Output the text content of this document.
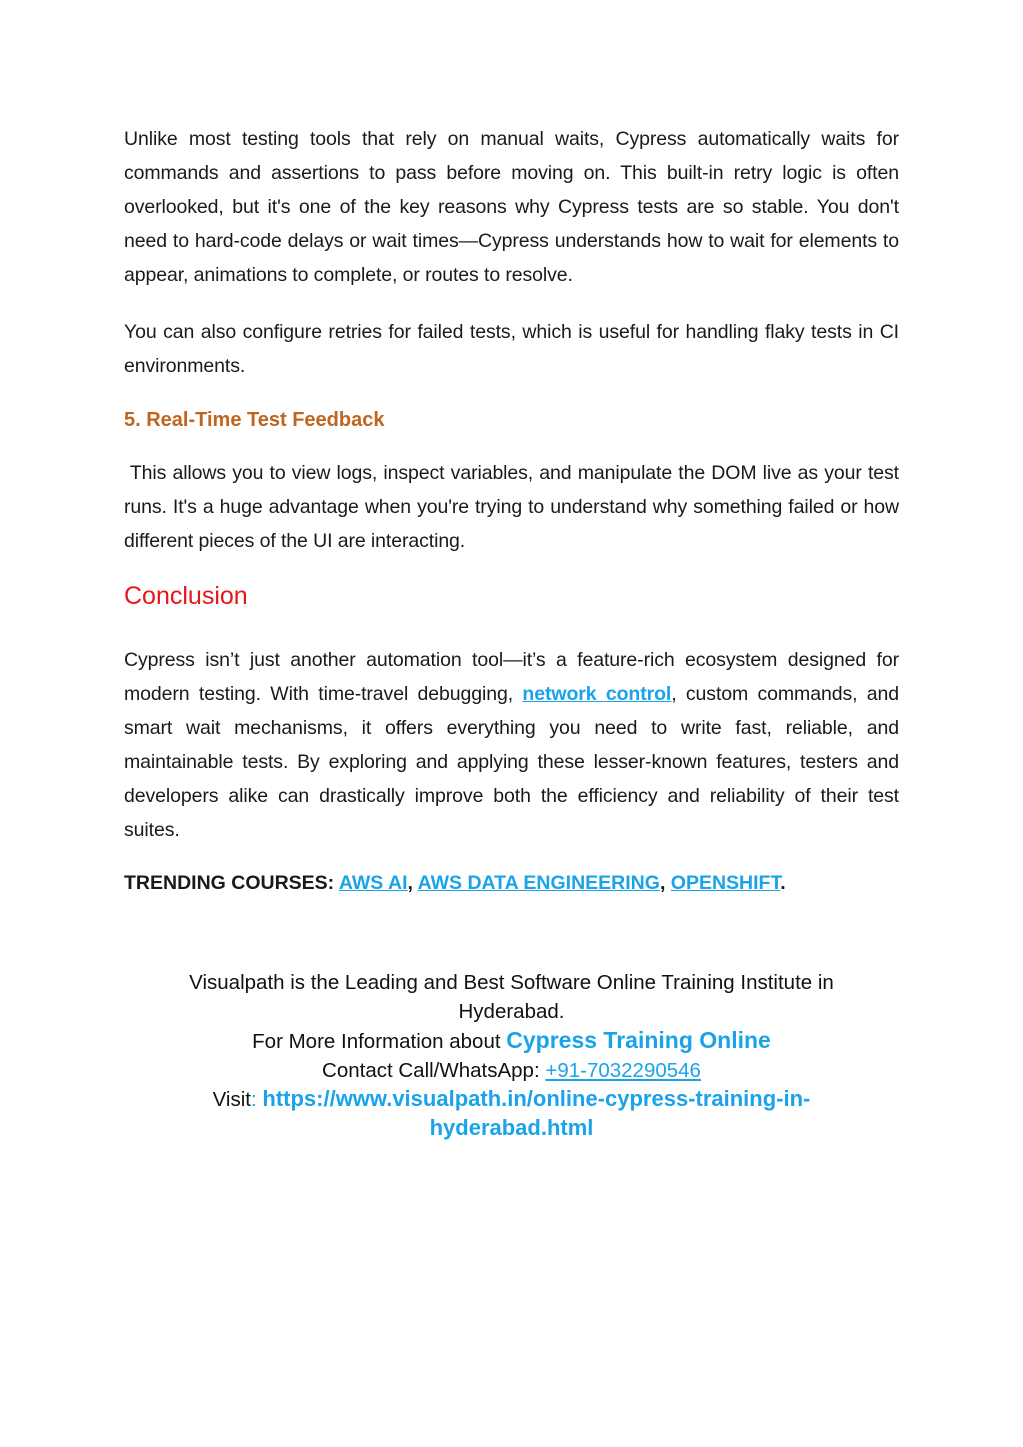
Unlike most testing tools that rely on manual waits, Cypress automatically waits for commands and assertions to pass before moving on. This built-in retry logic is often overlooked, but it's one of the key reasons why Cypress tests are so stable. You don't need to hard-code delays or wait times—Cypress understands how to wait for elements to appear, animations to complete, or routes to resolve.

You can also configure retries for failed tests, which is useful for handling flaky tests in CI environments.

5. Real-Time Test Feedback

This allows you to view logs, inspect variables, and manipulate the DOM live as your test runs. It's a huge advantage when you're trying to understand why something failed or how different pieces of the UI are interacting.

Conclusion

Cypress isn’t just another automation tool—it’s a feature-rich ecosystem designed for modern testing. With time-travel debugging, network control, custom commands, and smart wait mechanisms, it offers everything you need to write fast, reliable, and maintainable tests. By exploring and applying these lesser-known features, testers and developers alike can drastically improve both the efficiency and reliability of their test suites.

TRENDING COURSES: AWS AI, AWS DATA ENGINEERING, OPENSHIFT.
Visualpath is the Leading and Best Software Online Training Institute in Hyderabad.
For More Information about Cypress Training Online
Contact Call/WhatsApp: +91-7032290546
Visit: https://www.visualpath.in/online-cypress-training-in-hyderabad.html
